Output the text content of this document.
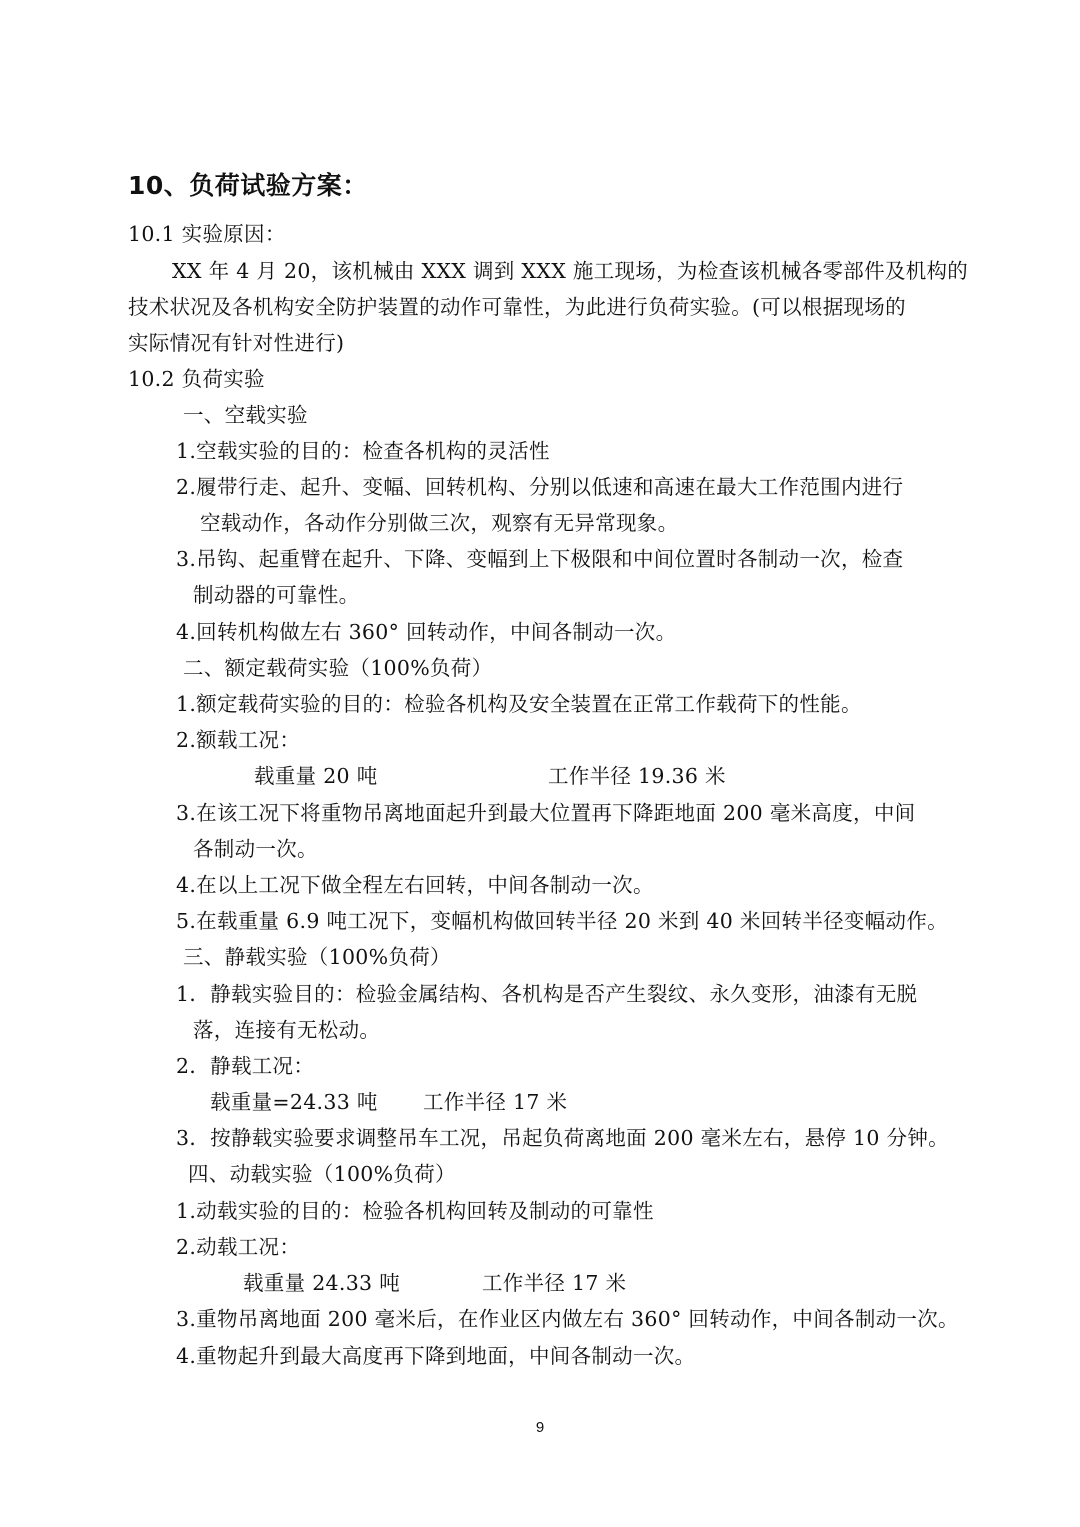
10、负荷试验方案：
10.1 实验原因：
XX 年 4 月 20，该机械由 XXX 调到 XXX 施工现场，为检查该机械各零部件及机构的
技术状况及各机构安全防护装置的动作可靠性，为此进行负荷实验。(可以根据现场的
实际情况有针对性进行)
10.2 负荷实验
一、空载实验
1.空载实验的目的：检查各机构的灵活性
2.履带行走、起升、变幅、回转机构、分别以低速和高速在最大工作范围内进行
空载动作，各动作分别做三次，观察有无异常现象。
3.吊钩、起重臂在起升、下降、变幅到上下极限和中间位置时各制动一次，检查
制动器的可靠性。
4.回转机构做左右 360° 回转动作，中间各制动一次。
二、额定载荷实验（100%负荷）
1.额定载荷实验的目的：检验各机构及安全装置在正常工作载荷下的性能。
2.额载工况：
载重量 20 吨	工作半径 19.36 米
3.在该工况下将重物吊离地面起升到最大位置再下降距地面 200 毫米高度，中间
各制动一次。
4.在以上工况下做全程左右回转，中间各制动一次。
5.在载重量 6.9 吨工况下，变幅机构做回转半径 20 米到 40 米回转半径变幅动作。
三、静载实验（100%负荷）
1．静载实验目的：检验金属结构、各机构是否产生裂纹、永久变形，油漆有无脱
落，连接有无松动。
2．静载工况：
载重量=24.33 吨 工作半径 17 米
3．按静载实验要求调整吊车工况，吊起负荷离地面 200 毫米左右，悬停 10 分钟。
四、动载实验（100%负荷）
1.动载实验的目的：检验各机构回转及制动的可靠性
2.动载工况：
载重量 24.33 吨	工作半径 17 米
3.重物吊离地面 200 毫米后，在作业区内做左右 360° 回转动作，中间各制动一次。
4.重物起升到最大高度再下降到地面，中间各制动一次。
9
